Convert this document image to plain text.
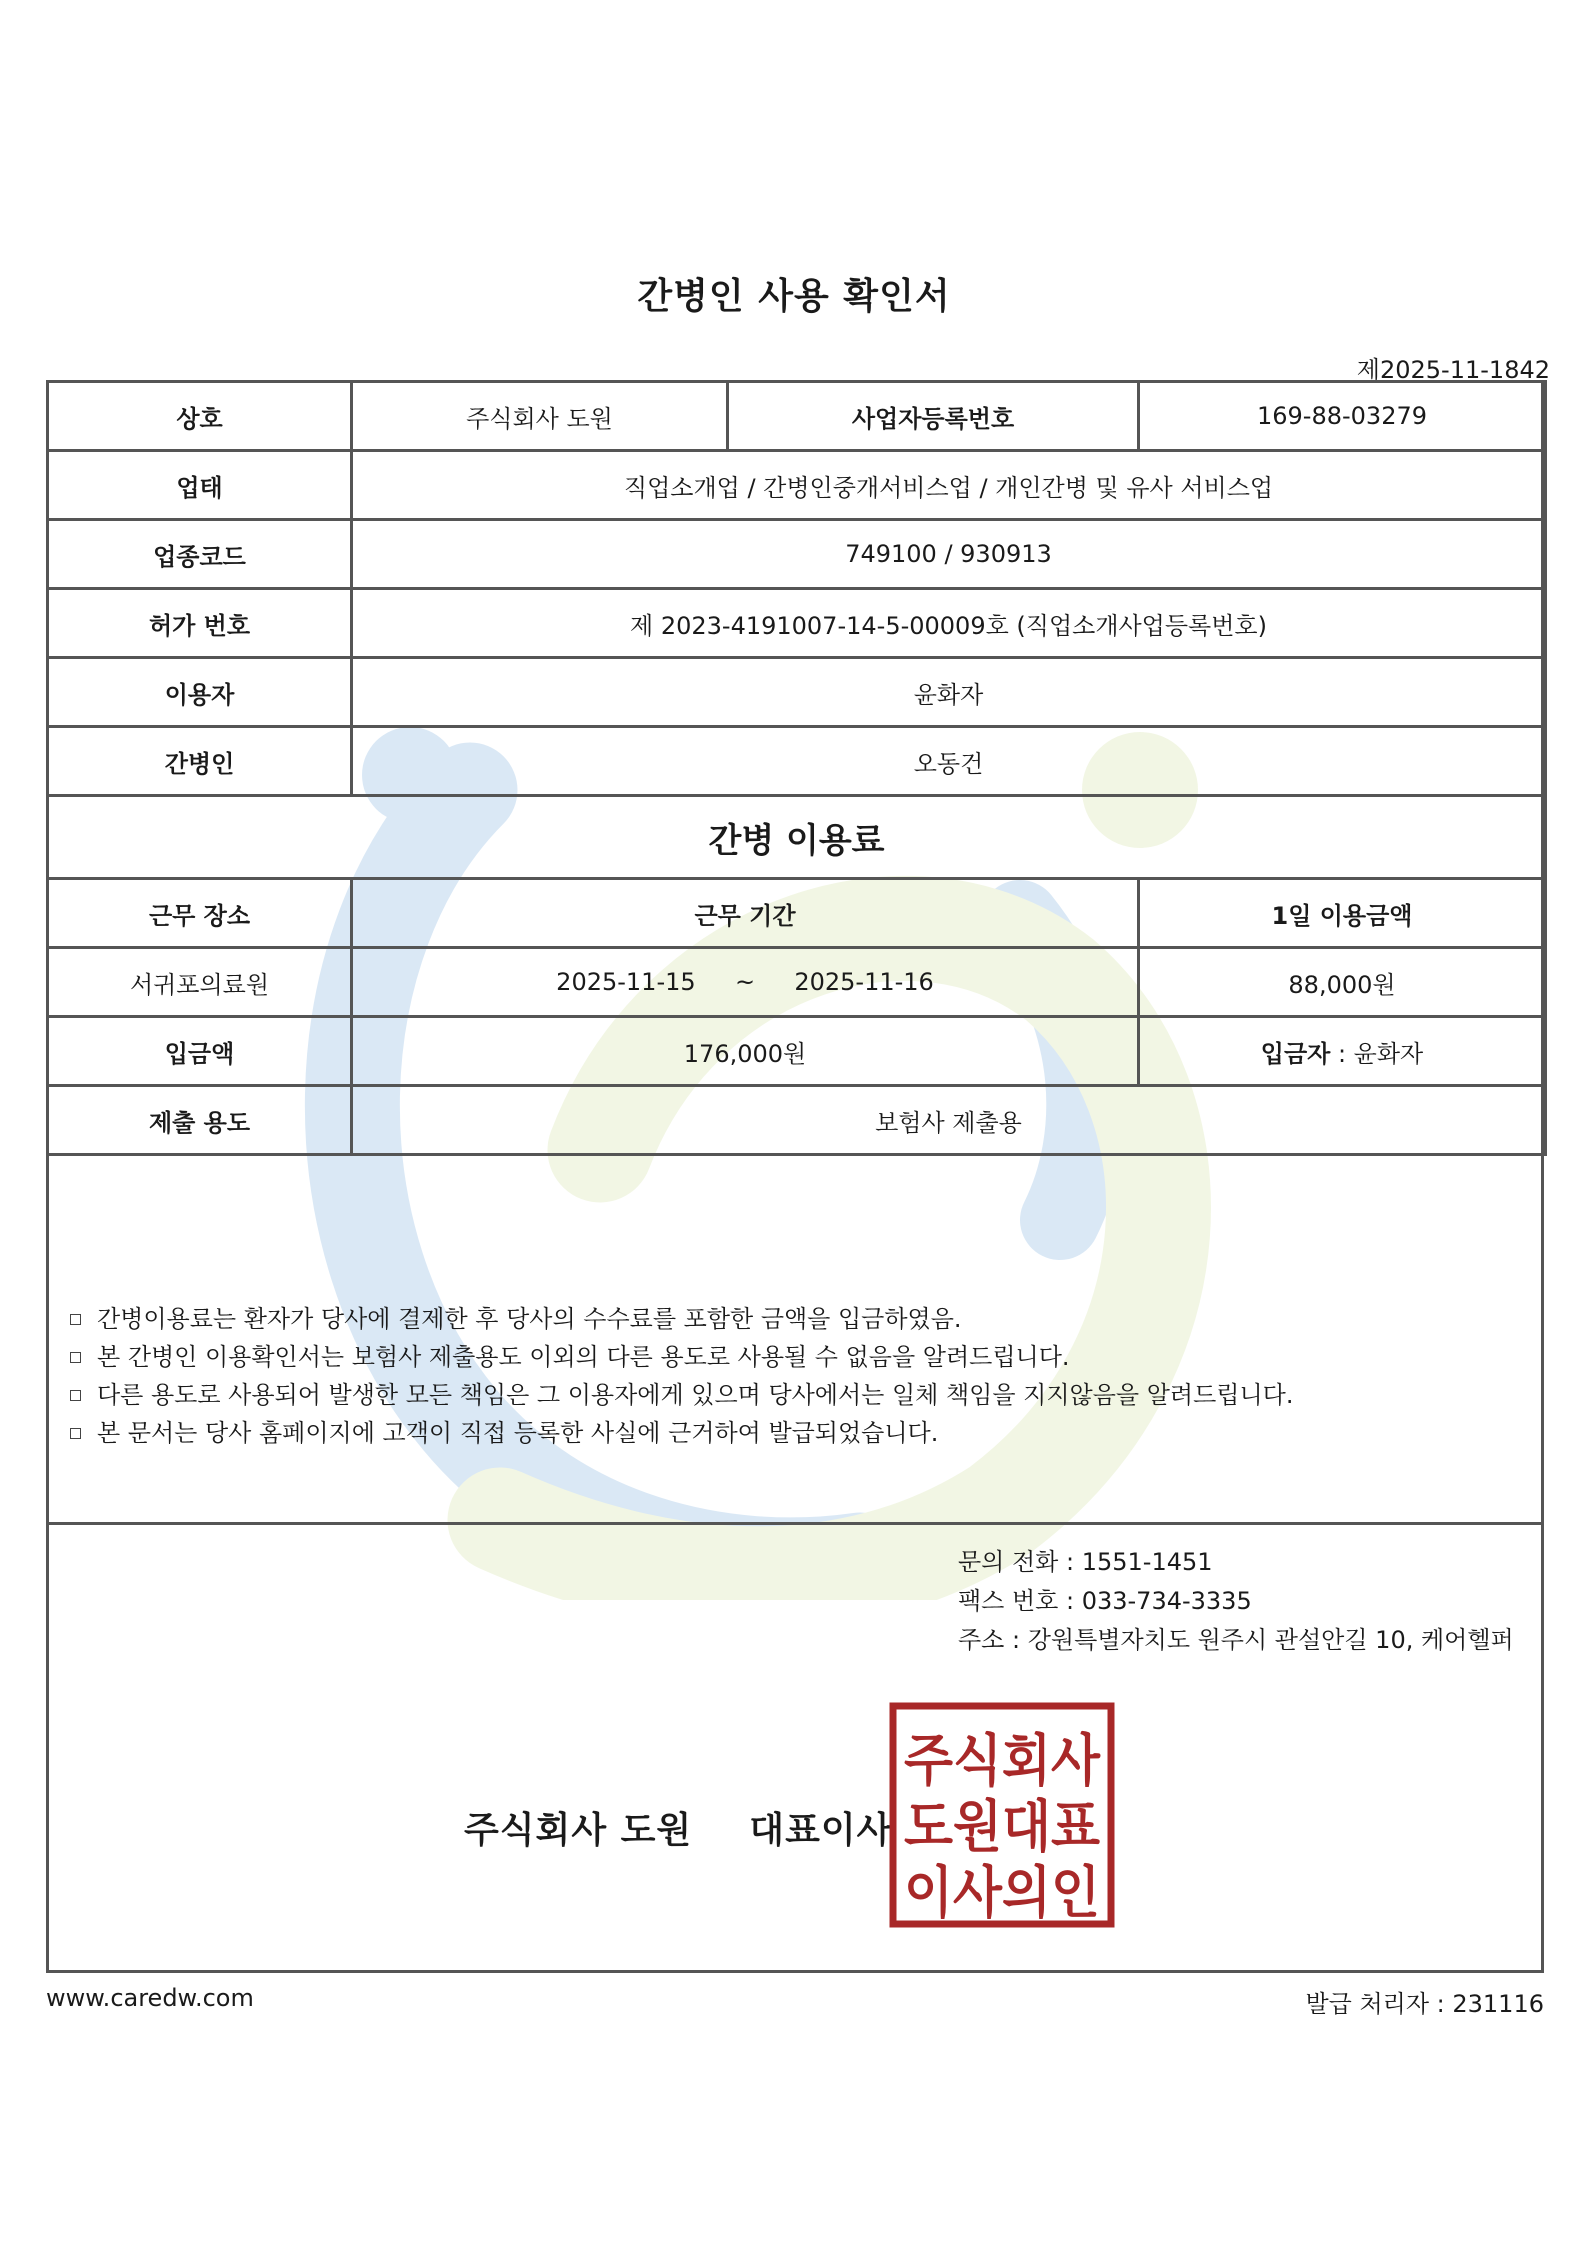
간병인 사용 확인서
제2025-11-1842
상호	주식회사 도원	사업자등록번호	169-88-03279
업태	직업소개업 / 간병인중개서비스업 / 개인간병 및 유사 서비스업		
업종코드	749100 / 930913		
허가 번호	제 2023-4191007-14-5-00009호 (직업소개사업등록번호)		
이용자	윤화자		
간병인	오동건		
간병 이용료			
근무 장소	근무 기간		1일 이용금액
서귀포의료원	2025-11-15 ~ 2025-11-16		88,000원
입금액	176,000원		입금자 : 윤화자
제출 용도	보험사 제출용		
간병이용료는 환자가 당사에 결제한 후 당사의 수수료를 포함한 금액을 입금하였음.
본 간병인 이용확인서는 보험사 제출용도 이외의 다른 용도로 사용될 수 없음을 알려드립니다.
다른 용도로 사용되어 발생한 모든 책임은 그 이용자에게 있으며 당사에서는 일체 책임을 지지않음을 알려드립니다.
본 문서는 당사 홈페이지에 고객이 직접 등록한 사실에 근거하여 발급되었습니다.
문의 전화 : 1551-1451
팩스 번호 : 033-734-3335
주소 : 강원특별자치도 원주시 관설안길 10, 케어헬퍼
주식회사 도원 대표이사
주식회사
도원대표
이사의인
www.caredw.com	발급 처리자 : 231116
